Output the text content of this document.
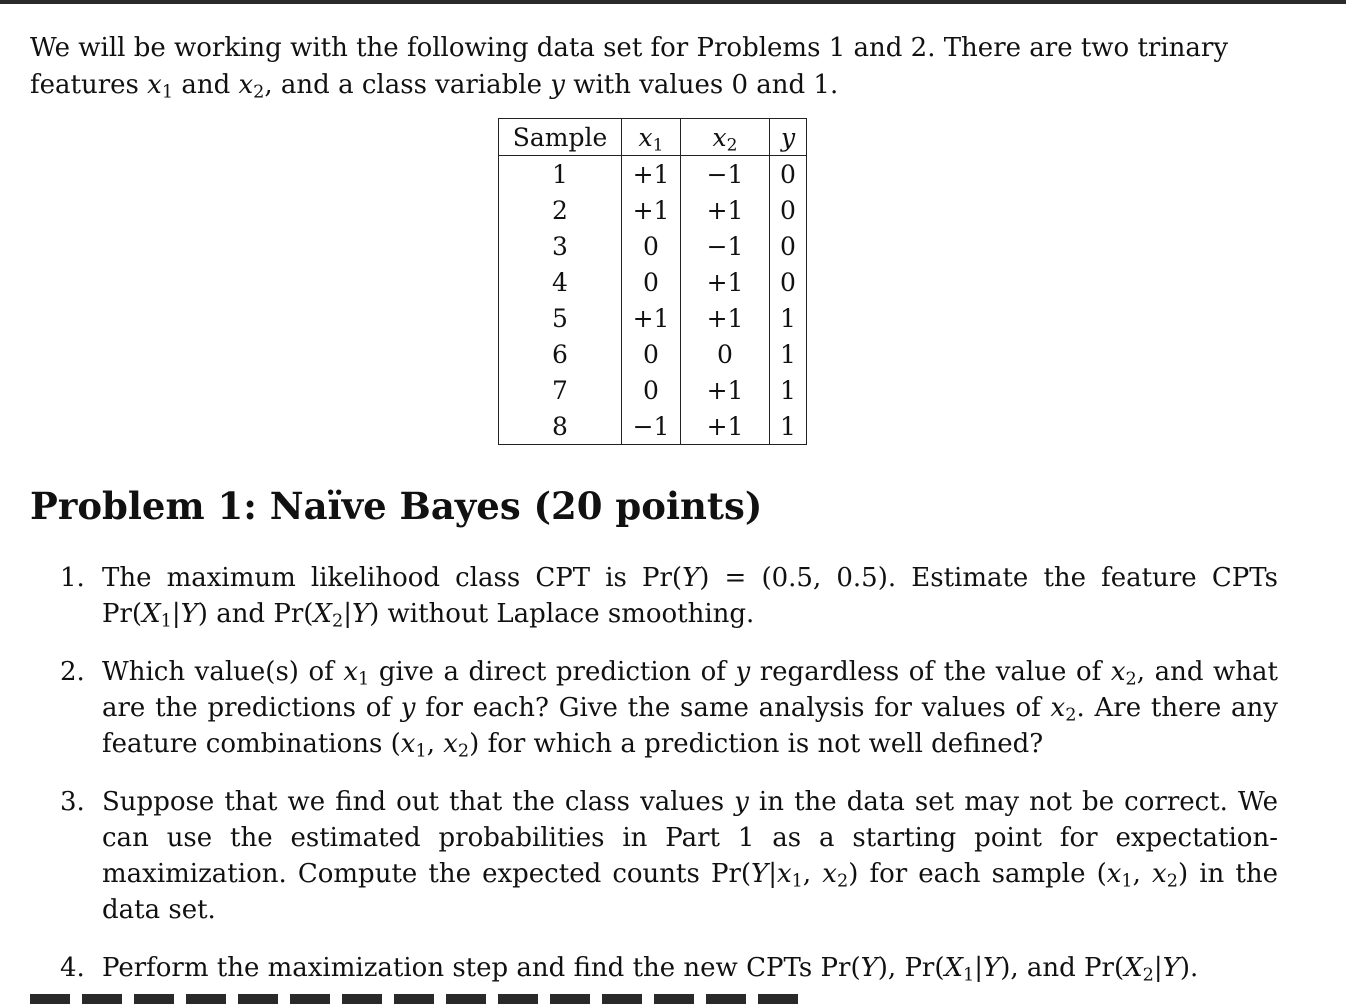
We will be working with the following data set for Problems 1 and 2. There are two trinary features $x_1$ and $x_2$, and a class variable y with values 0 and 1.

Sample	$x_1$	$x_2$	y
1	+1	−1	0
2	+1	+1	0
3	0	−1	0
4	0	+1	0
5	+1	+1	1
6	0	0	1
7	0	+1	1
8	−1	+1	1
Problem 1: Naïve Bayes (20 points)
1. The maximum likelihood class CPT is Pr(Y) = (0.5, 0.5). Estimate the feature CPTs $Pr(X_1|Y)$ and $Pr(X_2|Y)$ without Laplace smoothing.
2. Which value(s) of $x_1$ give a direct prediction of y regardless of the value of $x_2$, and what are the predictions of y for each? Give the same analysis for values of $x_2$. Are there any feature combinations ($x_1$, $x_2$) for which a prediction is not well defined?
3. Suppose that we find out that the class values y in the data set may not be correct. We can use the estimated probabilities in Part 1 as a starting point for expectation-maximization. Compute the expected counts $Pr(Y|x_1$, $x_2$) for each sample ($x_1$, $x_2$) in the data set.
4. Perform the maximization step and find the new CPTs Pr(Y), $Pr(X_1|Y)$, and $Pr(X_2|Y)$.
